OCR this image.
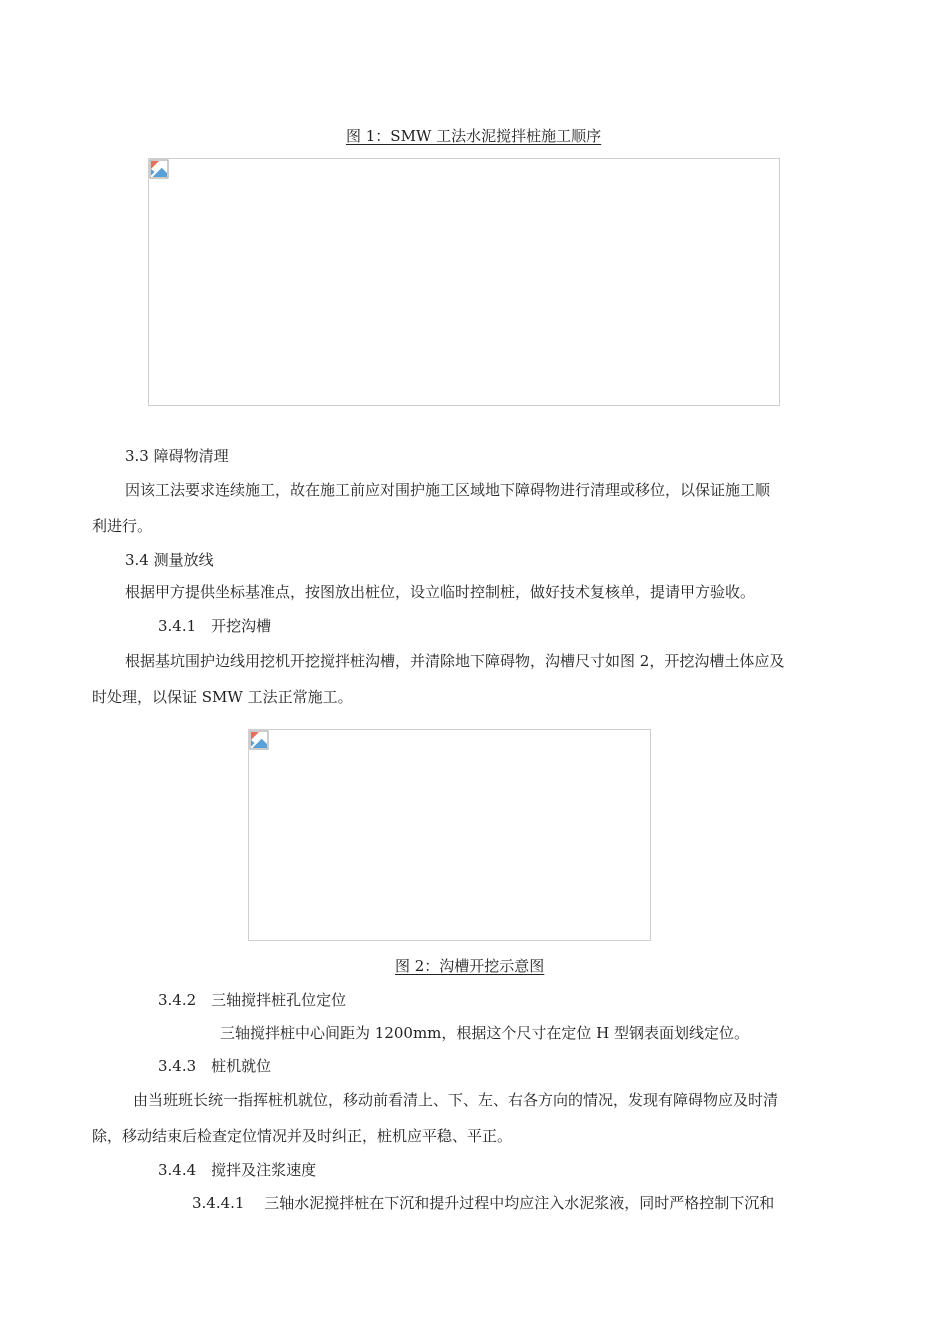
图 1：SMW 工法水泥搅拌桩施工顺序
3.3 障碍物清理
因该工法要求连续施工，故在施工前应对围护施工区域地下障碍物进行清理或移位，以保证施工顺
利进行。
3.4 测量放线
根据甲方提供坐标基准点，按图放出桩位，设立临时控制桩，做好技术复核单，提请甲方验收。
3.4.1　开挖沟槽
根据基坑围护边线用挖机开挖搅拌桩沟槽，并清除地下障碍物，沟槽尺寸如图 2，开挖沟槽土体应及
时处理，以保证 SMW 工法正常施工。
图 2：沟槽开挖示意图
3.4.2　三轴搅拌桩孔位定位
三轴搅拌桩中心间距为 1200mm，根据这个尺寸在定位 H 型钢表面划线定位。
3.4.3　桩机就位
由当班班长统一指挥桩机就位，移动前看清上、下、左、右各方向的情况，发现有障碍物应及时清
除，移动结束后检查定位情况并及时纠正，桩机应平稳、平正。
3.4.4　搅拌及注浆速度
3.4.4.1　 三轴水泥搅拌桩在下沉和提升过程中均应注入水泥浆液，同时严格控制下沉和
